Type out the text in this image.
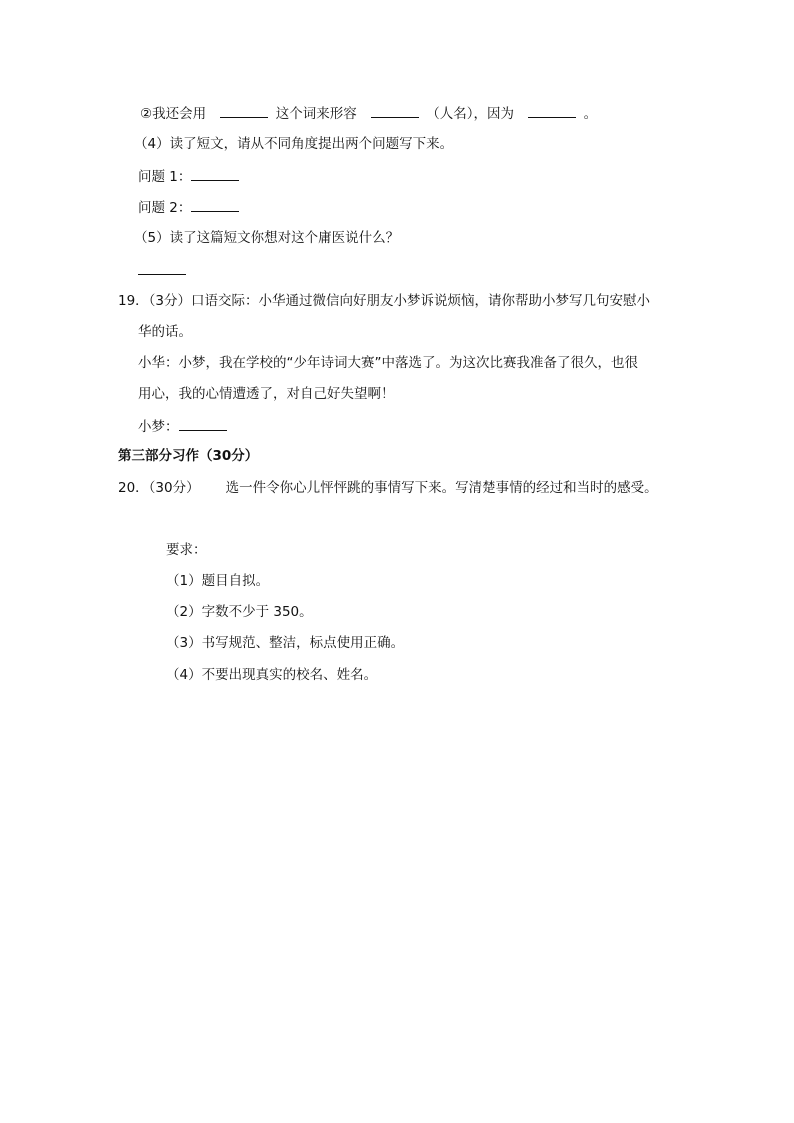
②我还会用	这个词来形容	（人名），因为	。
（4）读了短文，请从不同角度提出两个问题写下来。
问题 1：
问题 2：
（5）读了这篇短文你想对这个庸医说什么？
19．（3分）口语交际：小华通过微信向好朋友小梦诉说烦恼，请你帮助小梦写几句安慰小
华的话。
小华：小梦，我在学校的“少年诗词大赛”中落选了。为这次比赛我准备了很久，也很
用心，我的心情遭透了，对自己好失望啊！
小梦：
第三部分习作（30分）
20．（30分） 选一件令你心儿怦怦跳的事情写下来。写清楚事情的经过和当时的感受。
要求：
（1）题目自拟。
（2）字数不少于 350。
（3）书写规范、整洁，标点使用正确。
（4）不要出现真实的校名、姓名。
